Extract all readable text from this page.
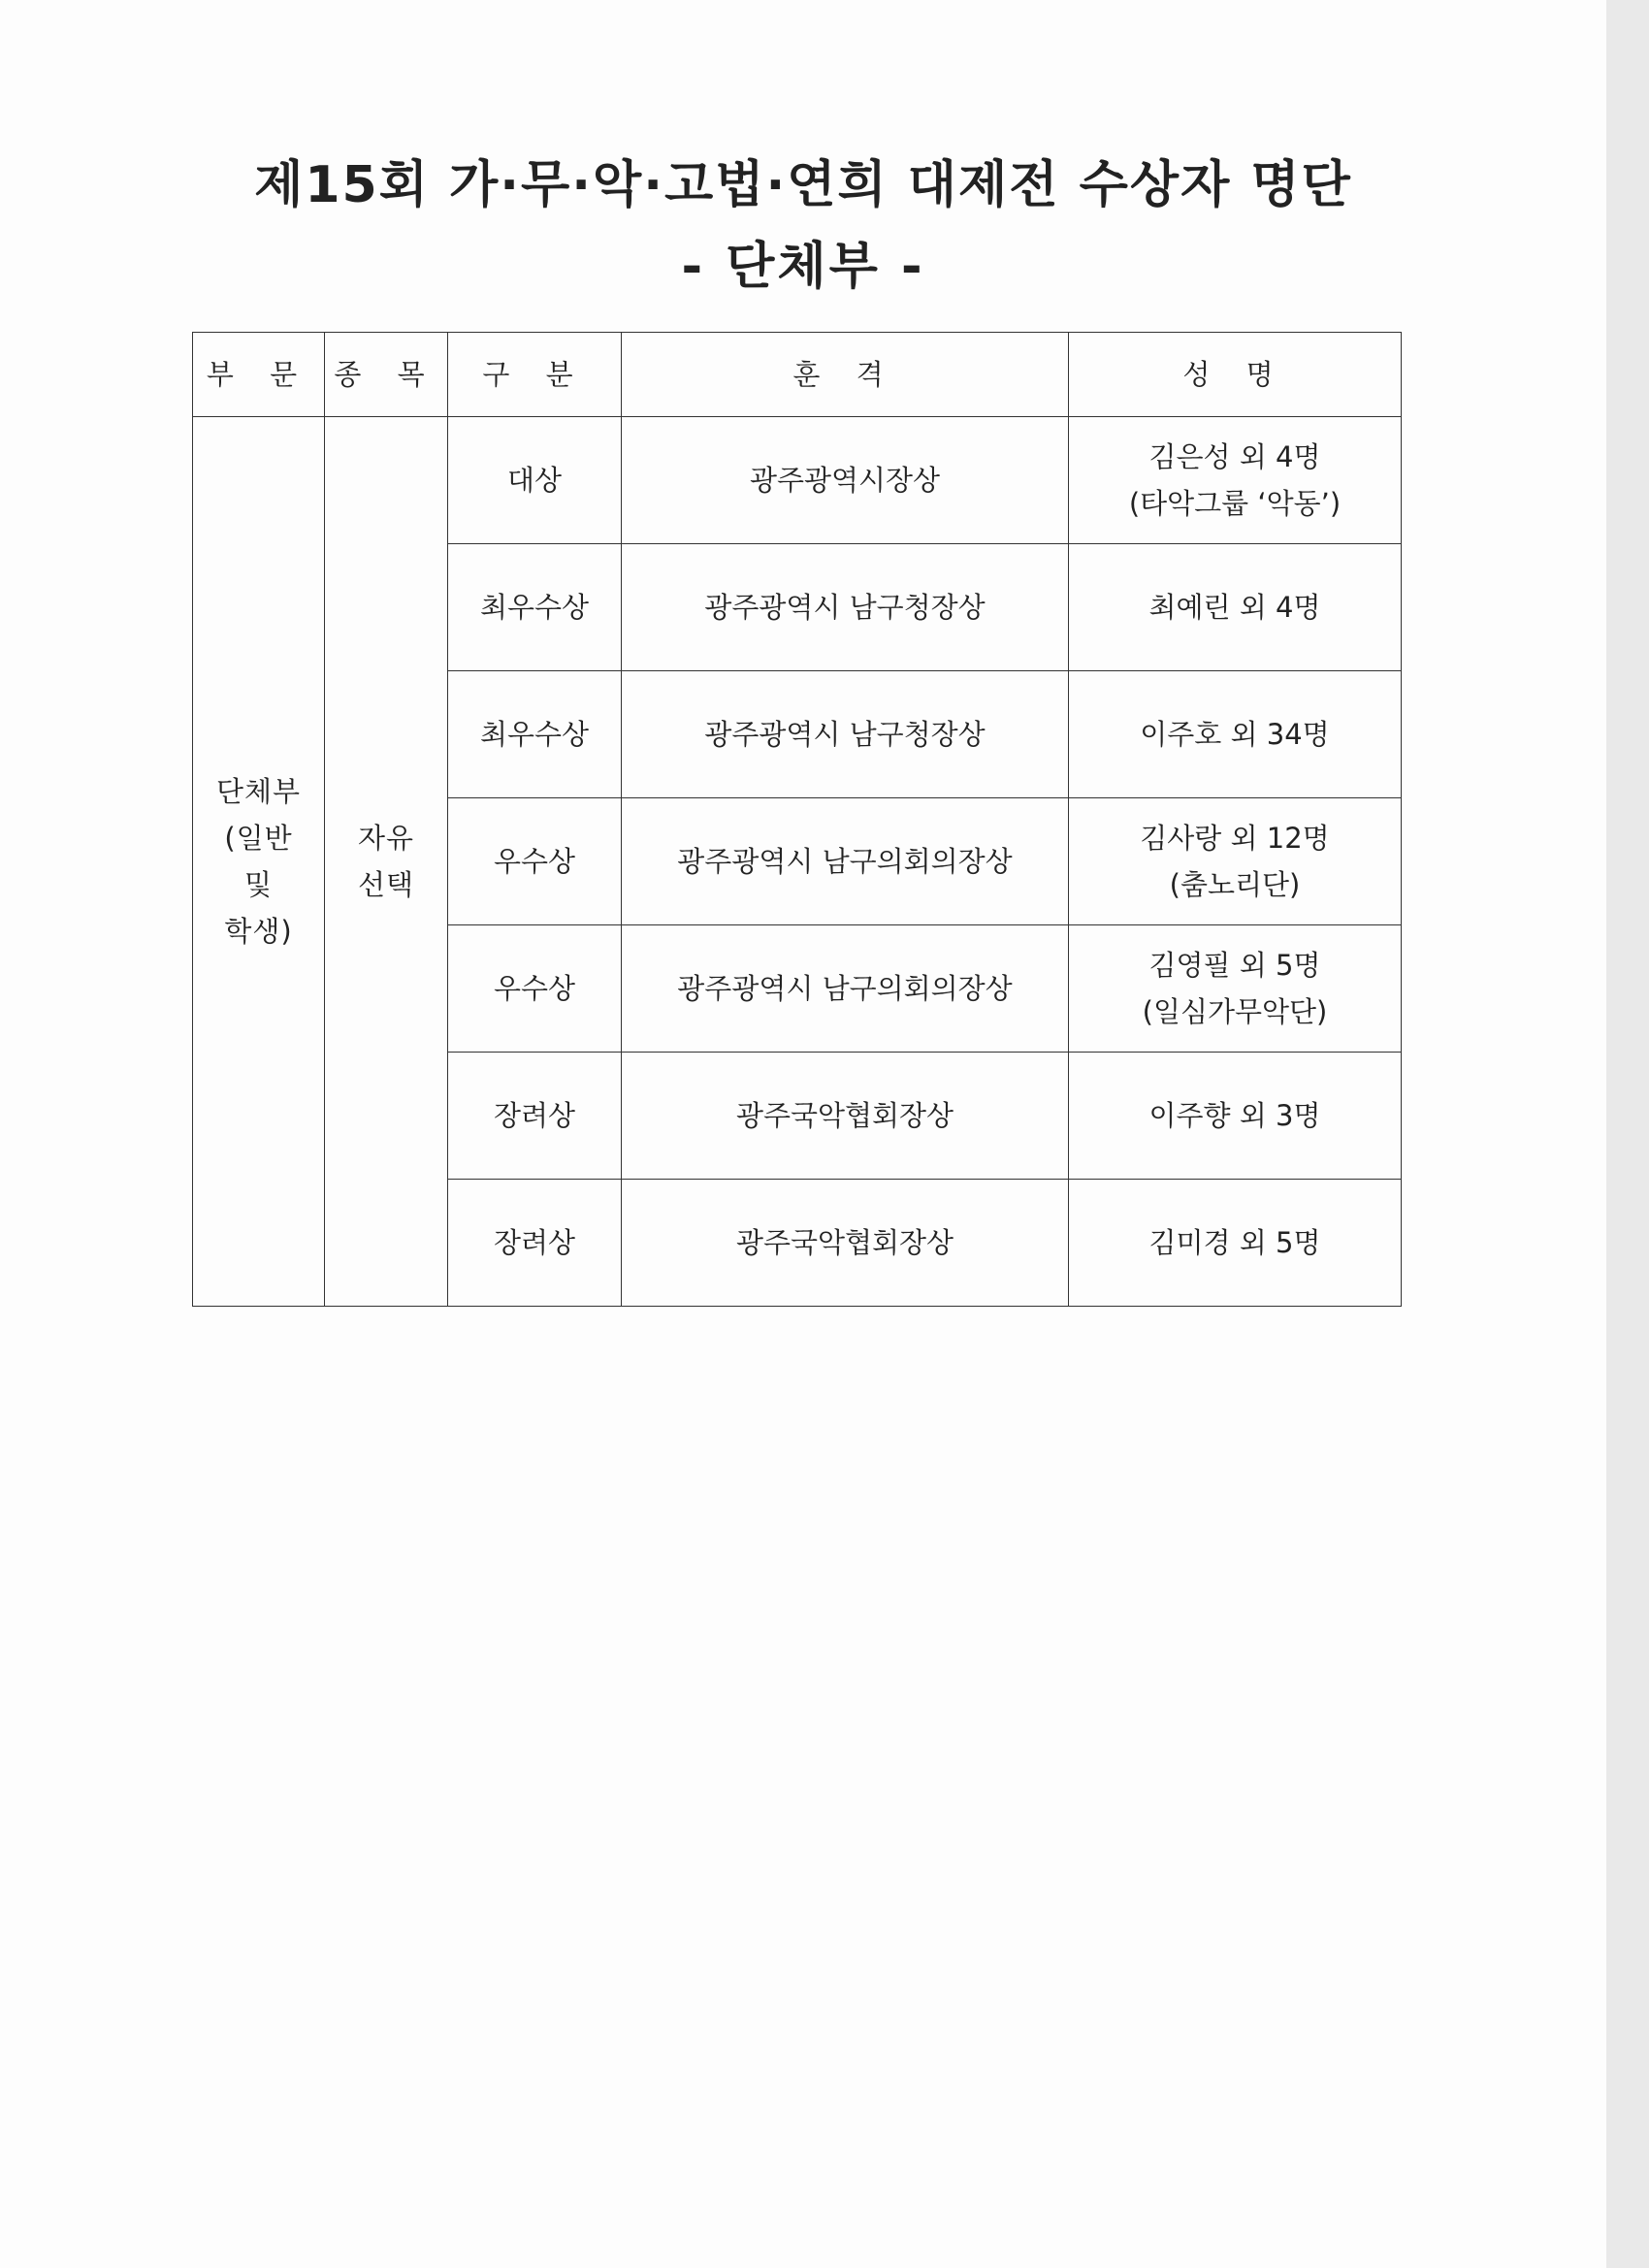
제15회 가·무·악·고법·연희 대제전 수상자 명단
- 단체부 -
부 문	종 목	구 분	훈 격	성 명

단체부
(일반
및
학생)	자유
선택	대상	광주광역시장상	김은성 외 4명
(타악그룹 ‘악동’)

		최우수상	광주광역시 남구청장상	최예린 외 4명

		최우수상	광주광역시 남구청장상	이주호 외 34명

		우수상	광주광역시 남구의회의장상	김사랑 외 12명
(춤노리단)

		우수상	광주광역시 남구의회의장상	김영필 외 5명
(일심가무악단)

		장려상	광주국악협회장상	이주향 외 3명

		장려상	광주국악협회장상	김미경 외 5명
